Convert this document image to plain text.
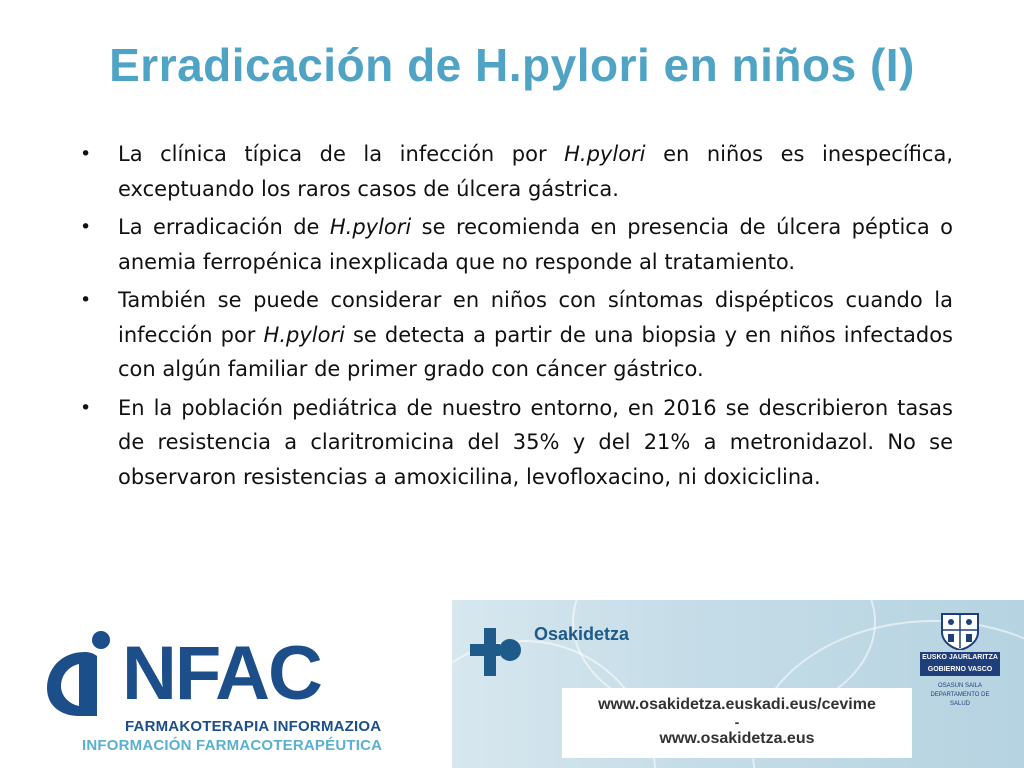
Erradicación de H.pylori en niños (I)
• La clínica típica de la infección por H.pylori en niños es inespecífica, exceptuando los raros casos de úlcera gástrica.
• La erradicación de H.pylori se recomienda en presencia de úlcera péptica o anemia ferropénica inexplicada que no responde al tratamiento.
• También se puede considerar en niños con síntomas dispépticos cuando la infección por H.pylori se detecta a partir de una biopsia y en niños infectados con algún familiar de primer grado con cáncer gástrico.
• En la población pediátrica de nuestro entorno, en 2016 se describieron tasas de resistencia a claritromicina del 35% y del 21% a metronidazol. No se observaron resistencias a amoxicilina, levofloxacino, ni doxiciclina.
NFAC
FARMAKOTERAPIA INFORMAZIOA
INFORMACIÓN FARMACOTERAPÉUTICA
Osakidetza
www.osakidetza.euskadi.eus/cevime
-
www.osakidetza.eus
EUSKO JAURLARITZA
GOBIERNO VASCO
OSASUN SAILA
DEPARTAMENTO DE SALUD
